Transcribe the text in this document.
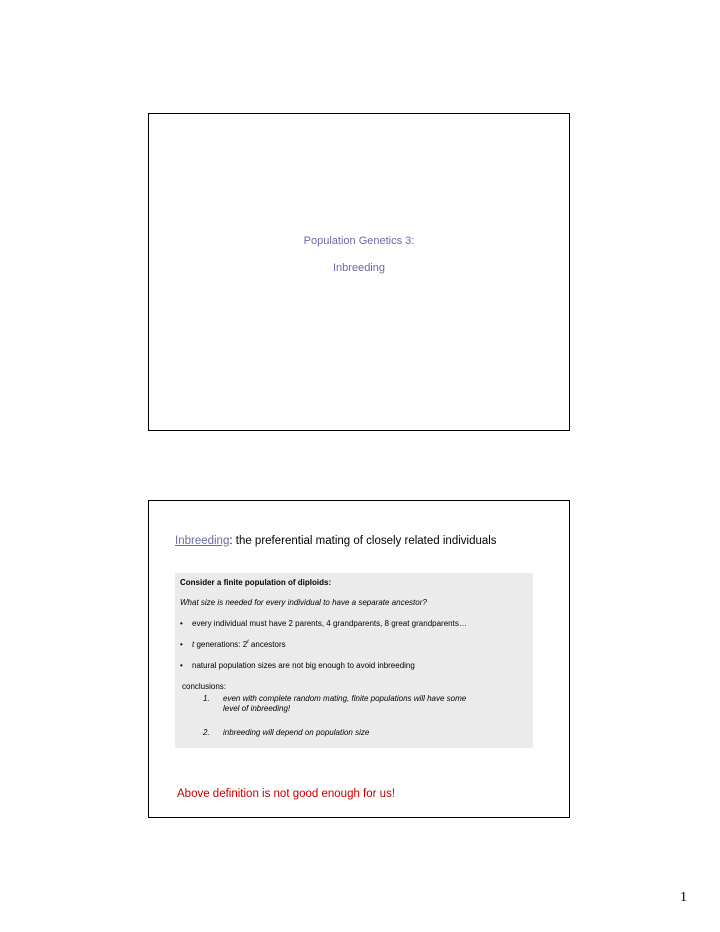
Population Genetics 3:
Inbreeding
Inbreeding: the preferential mating of closely related individuals
Consider a finite population of diploids:
What size is needed for every individual to have a separate ancestor?
• every individual must have 2 parents, 4 grandparents, 8 great grandparents…
• t generations: 2$^t$ ancestors
• natural population sizes are not big enough to avoid inbreeding
conclusions:
1. even with complete random mating, finite populations will have some
level of inbreeding!
2. inbreeding will depend on population size
Above definition is not good enough for us!
1
